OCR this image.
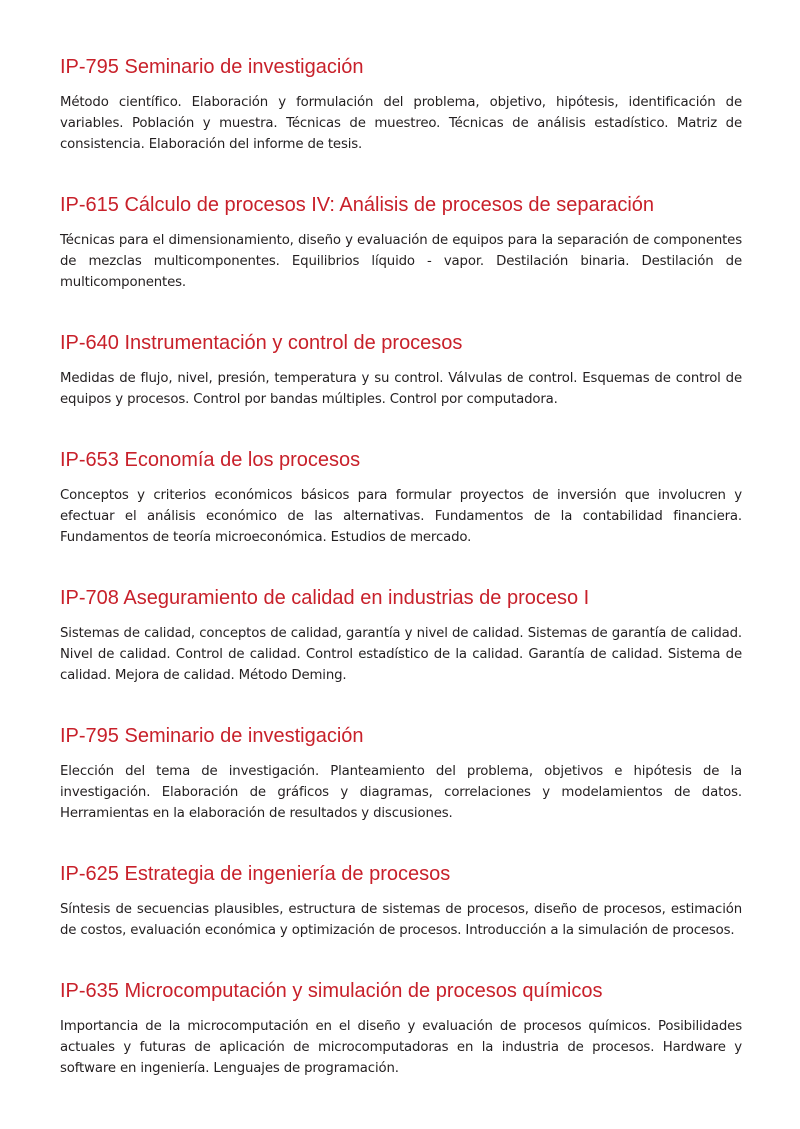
IP-795 Seminario de investigación

Método científico. Elaboración y formulación del problema, objetivo, hipótesis, identificación de variables. Población y muestra. Técnicas de muestreo. Técnicas de análisis estadístico. Matriz de consistencia. Elaboración del informe de tesis.

IP-615 Cálculo de procesos IV: Análisis de procesos de separación

Técnicas para el dimensionamiento, diseño y evaluación de equipos para la separación de componentes de mezclas multicomponentes. Equilibrios líquido - vapor. Destilación binaria. Destilación de multicomponentes.

IP-640 Instrumentación y control de procesos

Medidas de flujo, nivel, presión, temperatura y su control. Válvulas de control. Esquemas de control de equipos y procesos. Control por bandas múltiples. Control por computadora.

IP-653 Economía de los procesos

Conceptos y criterios económicos básicos para formular proyectos de inversión que involucren y efectuar el análisis económico de las alternativas. Fundamentos de la contabilidad financiera. Fundamentos de teoría microeconómica. Estudios de mercado.

IP-708 Aseguramiento de calidad en industrias de proceso I

Sistemas de calidad, conceptos de calidad, garantía y nivel de calidad. Sistemas de garantía de calidad. Nivel de calidad. Control de calidad. Control estadístico de la calidad. Garantía de calidad. Sistema de calidad. Mejora de calidad. Método Deming.

IP-795 Seminario de investigación

Elección del tema de investigación. Planteamiento del problema, objetivos e hipótesis de la investigación. Elaboración de gráficos y diagramas, correlaciones y modelamientos de datos. Herramientas en la elaboración de resultados y discusiones.

IP-625 Estrategia de ingeniería de procesos

Síntesis de secuencias plausibles, estructura de sistemas de procesos, diseño de procesos, estimación de costos, evaluación económica y optimización de procesos. Introducción a la simulación de procesos.

IP-635 Microcomputación y simulación de procesos químicos

Importancia de la microcomputación en el diseño y evaluación de procesos químicos. Posibilidades actuales y futuras de aplicación de microcomputadoras en la industria de procesos. Hardware y software en ingeniería. Lenguajes de programación.
